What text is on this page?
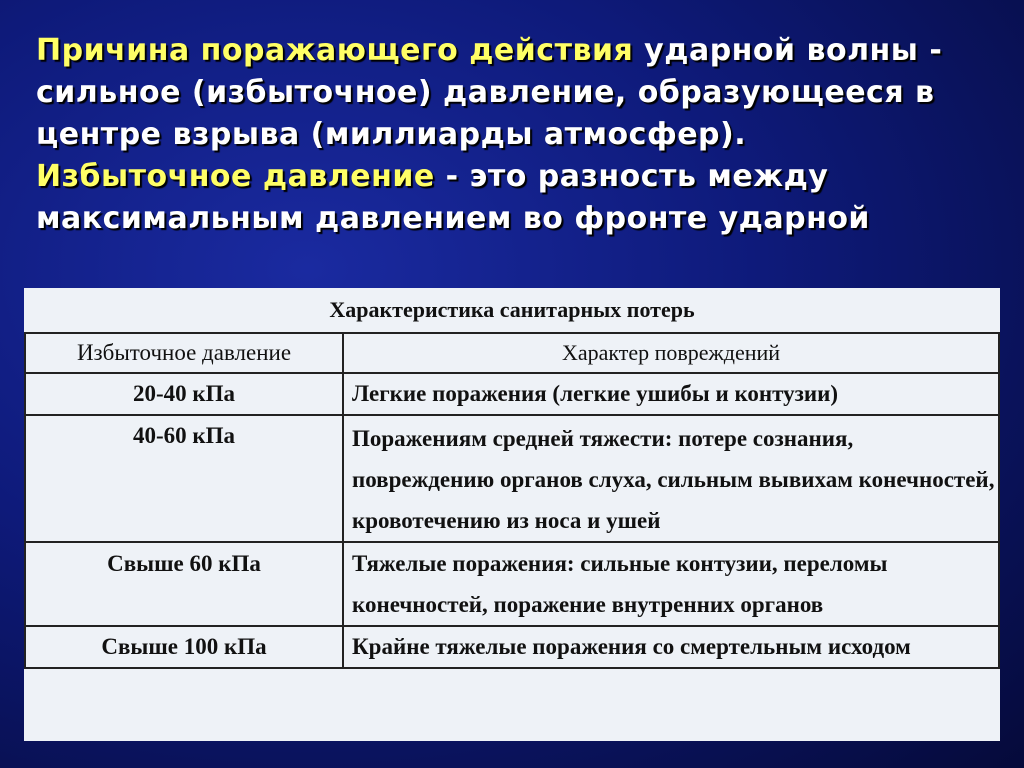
Причина поражающего действия ударной волны - сильное (избыточное) давление, образующееся в центре взрыва (миллиарды атмосфер).
Избыточное давление - это разность между максимальным давлением во фронте ударной
Характеристика санитарных потерь	
Избыточное давление	Характер повреждений
20-40 кПа	Легкие поражения (легкие ушибы и контузии)
40-60 кПа	Поражениям средней тяжести: потере сознания, повреждению органов слуха, сильным вывихам конечностей, кровотечению из носа и ушей
Свыше 60 кПа	Тяжелые поражения: сильные контузии, переломы конечностей, поражение внутренних органов
Свыше 100 кПа	Крайне тяжелые поражения со смертельным исходом
